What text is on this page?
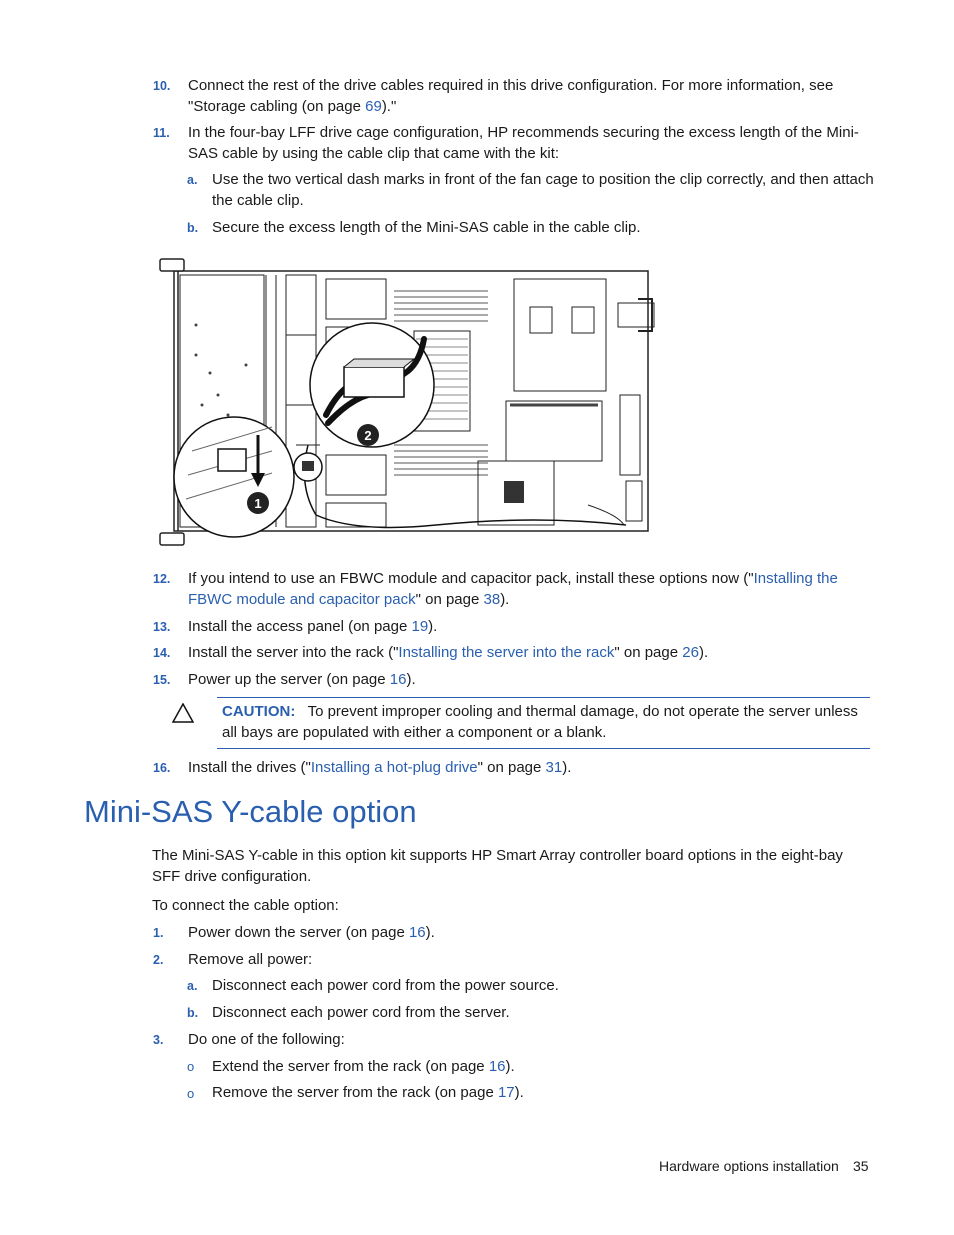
10. Connect the rest of the drive cables required in this drive configuration. For more information, see "Storage cabling (on page 69)."
11. In the four-bay LFF drive cage configuration, HP recommends securing the excess length of the Mini-SAS cable by using the cable clip that came with the kit:
a. Use the two vertical dash marks in front of the fan cage to position the clip correctly, and then attach the cable clip.
b. Secure the excess length of the Mini-SAS cable in the cable clip.
2
1
12. If you intend to use an FBWC module and capacitor pack, install these options now ("Installing the FBWC module and capacitor pack" on page 38).
13. Install the access panel (on page 19).
14. Install the server into the rack ("Installing the server into the rack" on page 26).
15. Power up the server (on page 16).
CAUTION: To prevent improper cooling and thermal damage, do not operate the server unless all bays are populated with either a component or a blank.
16. Install the drives ("Installing a hot-plug drive" on page 31).
Mini-SAS Y-cable option
The Mini-SAS Y-cable in this option kit supports HP Smart Array controller board options in the eight-bay SFF drive configuration.
To connect the cable option:
1. Power down the server (on page 16).
2. Remove all power:
a. Disconnect each power cord from the power source.
b. Disconnect each power cord from the server.
3. Do one of the following:
o Extend the server from the rack (on page 16).
o Remove the server from the rack (on page 17).
Hardware options installation 35
